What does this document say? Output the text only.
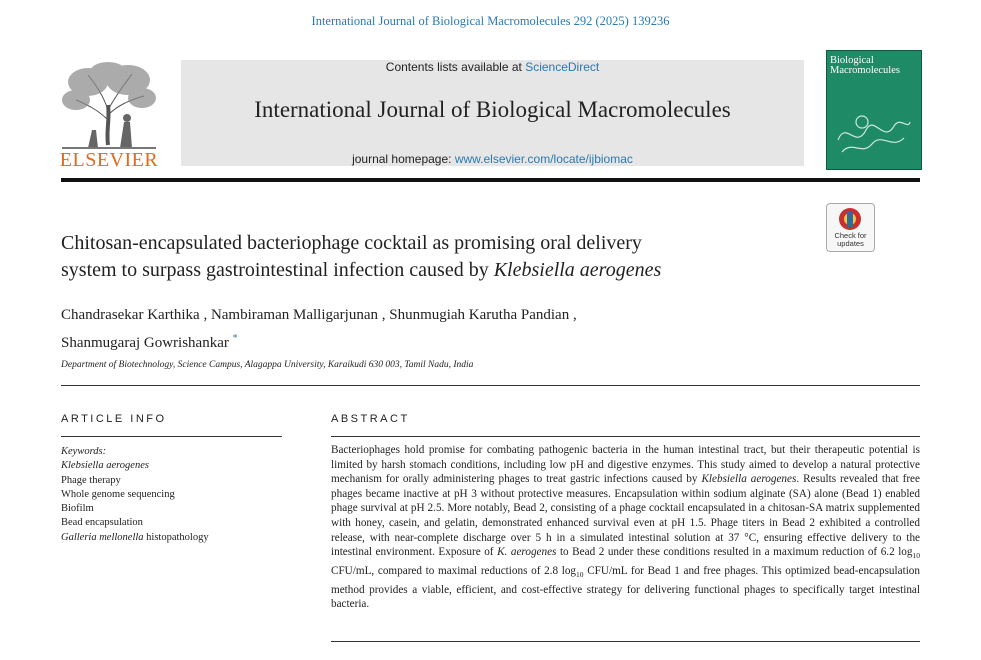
International Journal of Biological Macromolecules 292 (2025) 139236
ELSEVIER
Contents lists available at ScienceDirect
International Journal of Biological Macromolecules
journal homepage: www.elsevier.com/locate/ijbiomac
Biological
Macromolecules
Check for
updates
Chitosan-encapsulated bacteriophage cocktail as promising oral delivery
system to surpass gastrointestinal infection caused by Klebsiella aerogenes
Chandrasekar Karthika , Nambiraman Malligarjunan , Shunmugiah Karutha Pandian ,
Shanmugaraj Gowrishankar *
Department of Biotechnology, Science Campus, Alagappa University, Karaikudi 630 003, Tamil Nadu, India
ARTICLE INFO
Keywords:
Klebsiella aerogenes
Phage therapy
Whole genome sequencing
Biofilm
Bead encapsulation
Galleria mellonella histopathology
ABSTRACT
Bacteriophages hold promise for combating pathogenic bacteria in the human intestinal tract, but their therapeutic potential is limited by harsh stomach conditions, including low pH and digestive enzymes. This study aimed to develop a natural protective mechanism for orally administering phages to treat gastric infections caused by Klebsiella aerogenes. Results revealed that free phages became inactive at pH 3 without protective measures. Encapsulation within sodium alginate (SA) alone (Bead 1) enabled phage survival at pH 2.5. More notably, Bead 2, consisting of a phage cocktail encapsulated in a chitosan-SA matrix supplemented with honey, casein, and gelatin, demonstrated enhanced survival even at pH 1.5. Phage titers in Bead 2 exhibited a controlled release, with near-complete discharge over 5 h in a simulated intestinal solution at 37 °C, ensuring effective delivery to the intestinal environment. Exposure of K. aerogenes to Bead 2 under these conditions resulted in a maximum reduction of 6.2 $\log_{10} CFU/mL$, compared to maximal reductions of 2.8 $\log_{10} CFU/mL$ for Bead 1 and free phages. This optimized bead-encapsulation method provides a viable, efficient, and cost-effective strategy for delivering functional phages to specifically target intestinal bacteria.
